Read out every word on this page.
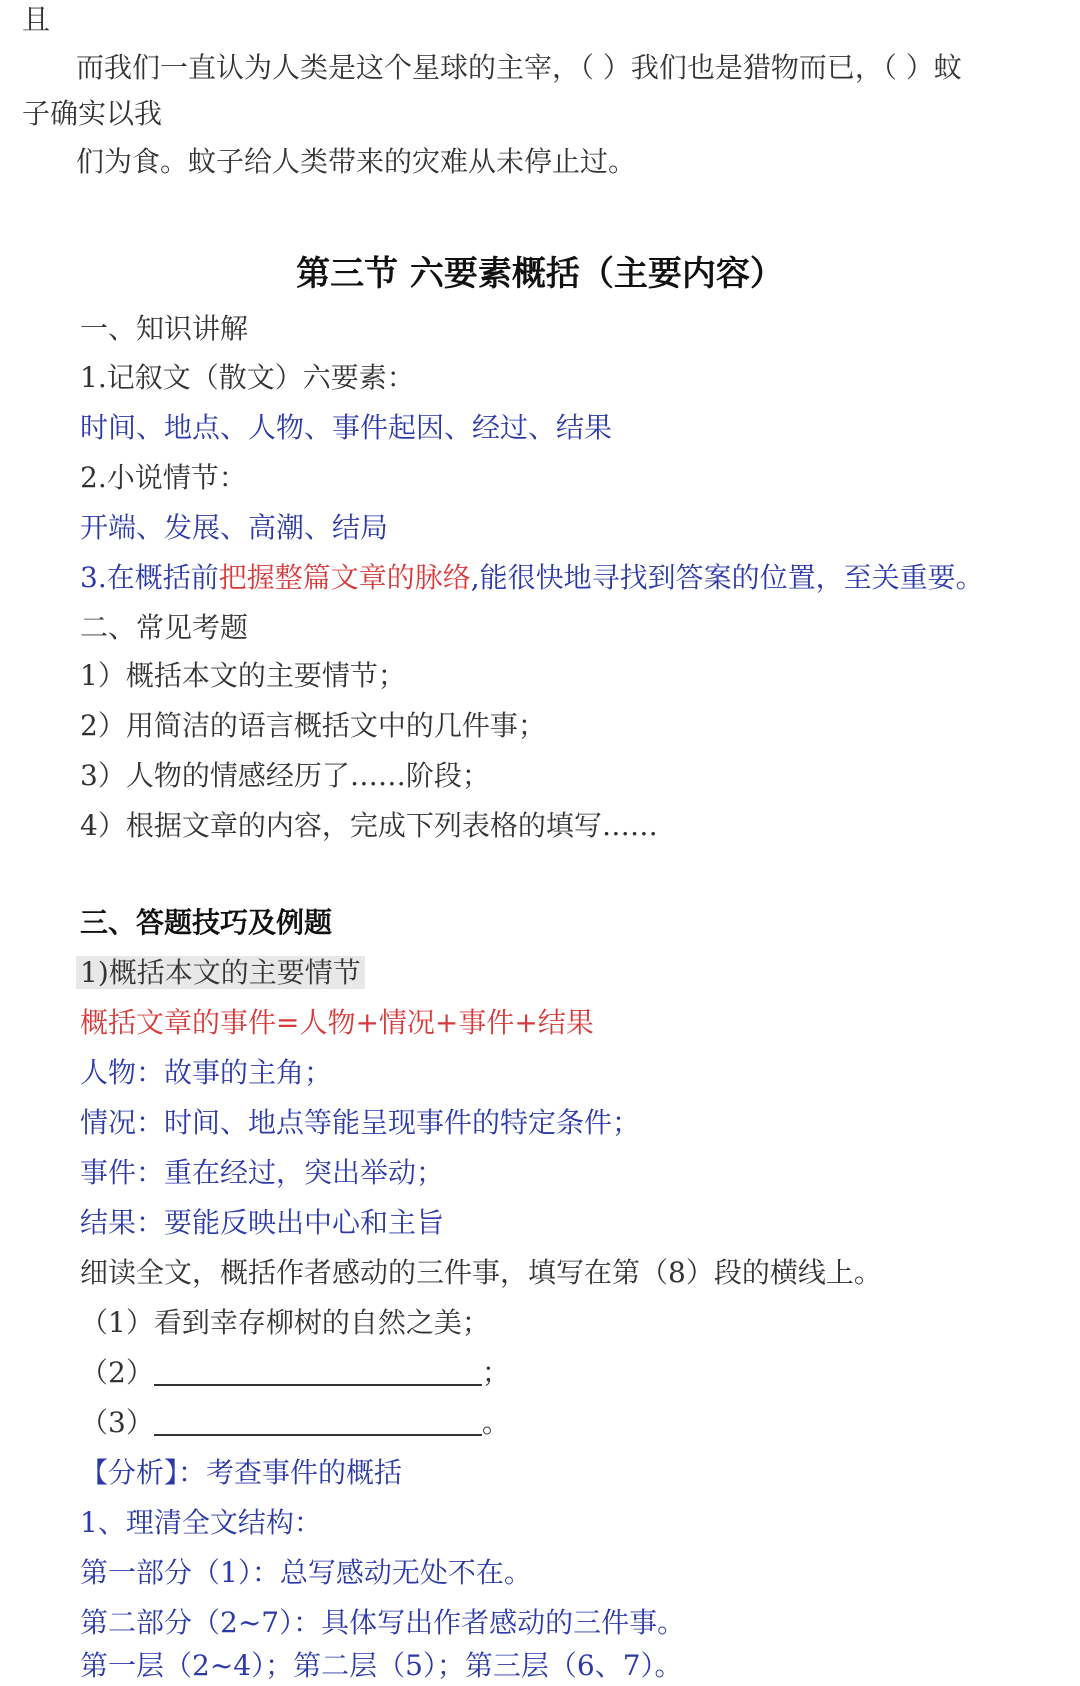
且
而我们一直认为人类是这个星球的主宰，（ ）我们也是猎物而已，（ ）蚊
子确实以我
们为食。蚊子给人类带来的灾难从未停止过。
第三节 六要素概括（主要内容）
一、知识讲解
1.记叙文（散文）六要素：
时间、地点、人物、事件起因、经过、结果
2.小说情节：
开端、发展、高潮、结局
3.在概括前把握整篇文章的脉络,能很快地寻找到答案的位置，至关重要。
二、常见考题
1）概括本文的主要情节；
2）用简洁的语言概括文中的几件事；
3）人物的情感经历了……阶段；
4）根据文章的内容，完成下列表格的填写……
三、答题技巧及例题
1)概括本文的主要情节
概括文章的事件=人物+情况+事件+结果
人物：故事的主角；
情况：时间、地点等能呈现事件的特定条件；
事件：重在经过，突出举动；
结果：要能反映出中心和主旨
细读全文，概括作者感动的三件事，填写在第（8）段的横线上。
（1）看到幸存柳树的自然之美；
（2）	；
（3）	。
【分析】：考查事件的概括
1、理清全文结构：
第一部分（1）：总写感动无处不在。
第二部分（2~7）：具体写出作者感动的三件事。
第一层（2~4）；第二层（5）；第三层（6、7）。
